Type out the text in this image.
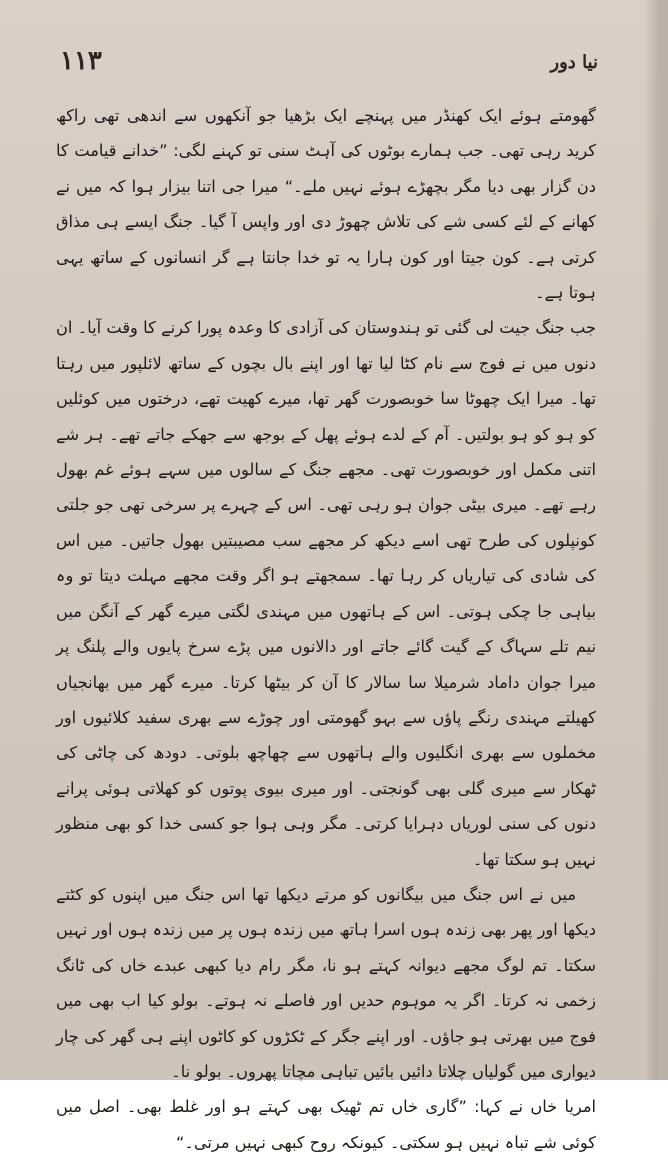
۱۱۳	نیا دور

گھومتے ہوئے ایک کھنڈر میں پہنچے ایک بڑھیا جو آنکھوں سے اندھی تھی راکھ کرید رہی تھی۔ جب ہمارے بوٹوں کی آہٹ سنی تو کہنے لگی: ”خدانے قیامت کا دن گزار بھی دیا مگر بچھڑے ہوئے نہیں ملے۔“ میرا جی اتنا بیزار ہوا کہ میں نے کھانے کے لئے کسی شے کی تلاش چھوڑ دی اور واپس آ گیا۔ جنگ ایسے ہی مذاق کرتی ہے۔ کون جیتا اور کون ہارا یہ تو خدا جانتا ہے گر انسانوں کے ساتھ یہی ہوتا ہے۔

جب جنگ جیت لی گئی تو ہندوستان کی آزادی کا وعدہ پورا کرنے کا وقت آیا۔ ان دنوں میں نے فوج سے نام کٹا لیا تھا اور اپنے بال بچوں کے ساتھ لائلپور میں رہتا تھا۔ میرا ایک چھوٹا سا خوبصورت گھر تھا، میرے کھیت تھے، درختوں میں کوئلیں کو ہو کو ہو بولتیں۔ آم کے لدے ہوئے پھل کے بوجھ سے جھکے جاتے تھے۔ ہر شے اتنی مکمل اور خوبصورت تھی۔ مجھے جنگ کے سالوں میں سہے ہوئے غم بھول رہے تھے۔ میری بیٹی جوان ہو رہی تھی۔ اس کے چہرے پر سرخی تھی جو جلتی کونپلوں کی طرح تھی اسے دیکھ کر مجھے سب مصیبتیں بھول جاتیں۔ میں اس کی شادی کی تیاریاں کر رہا تھا۔ سمجھتے ہو اگر وقت مجھے مہلت دیتا تو وہ بیاہی جا چکی ہوتی۔ اس کے ہاتھوں میں مہندی لگتی میرے گھر کے آنگن میں نیم تلے سہاگ کے گیت گائے جاتے اور دالانوں میں پڑے سرخ پایوں والے پلنگ پر میرا جوان داماد شرمیلا سا سالار کا آن کر بیٹھا کرتا۔ میرے گھر میں بھانجیاں کھیلتے مہندی رنگے پاؤں سے بہو گھومتی اور چوڑے سے بھری سفید کلائیوں اور مخملوں سے بھری انگلیوں والے ہاتھوں سے چھاچھ بلوتی۔ دودھ کی چاٹی کی ٹھکار سے میری گلی بھی گونجتی۔ اور میری بیوی پوتوں کو کھلاتی ہوئی پرانے دنوں کی سنی لوریاں دہرایا کرتی۔ مگر وہی ہوا جو کسی خدا کو بھی منظور نہیں ہو سکتا تھا۔

میں نے اس جنگ میں بیگانوں کو مرتے دیکھا تھا اس جنگ میں اپنوں کو کٹتے دیکھا اور پھر بھی زندہ ہوں اسرا ہاتھ میں زندہ ہوں پر میں زندہ ہوں اور نہیں سکتا۔ تم لوگ مجھے دیوانہ کہتے ہو نا، مگر رام دیا کبھی عبدے خاں کی ٹانگ زخمی نہ کرتا۔ اگر یہ موہوم حدیں اور فاصلے نہ ہوتے۔ بولو کیا اب بھی میں فوج میں بھرتی ہو جاؤں۔ اور اپنے جگر کے ٹکڑوں کو کاٹوں اپنے ہی گھر کی چار دیواری میں گولیاں چلاتا دائیں بائیں تباہی مچاتا پھروں۔ بولو نا۔

امریا خاں نے کہا: ”گاری خاں تم ٹھیک بھی کہتے ہو اور غلط بھی۔ اصل میں کوئی شے تباہ نہیں ہو سکتی۔ کیونکہ روح کبھی نہیں مرتی۔“
